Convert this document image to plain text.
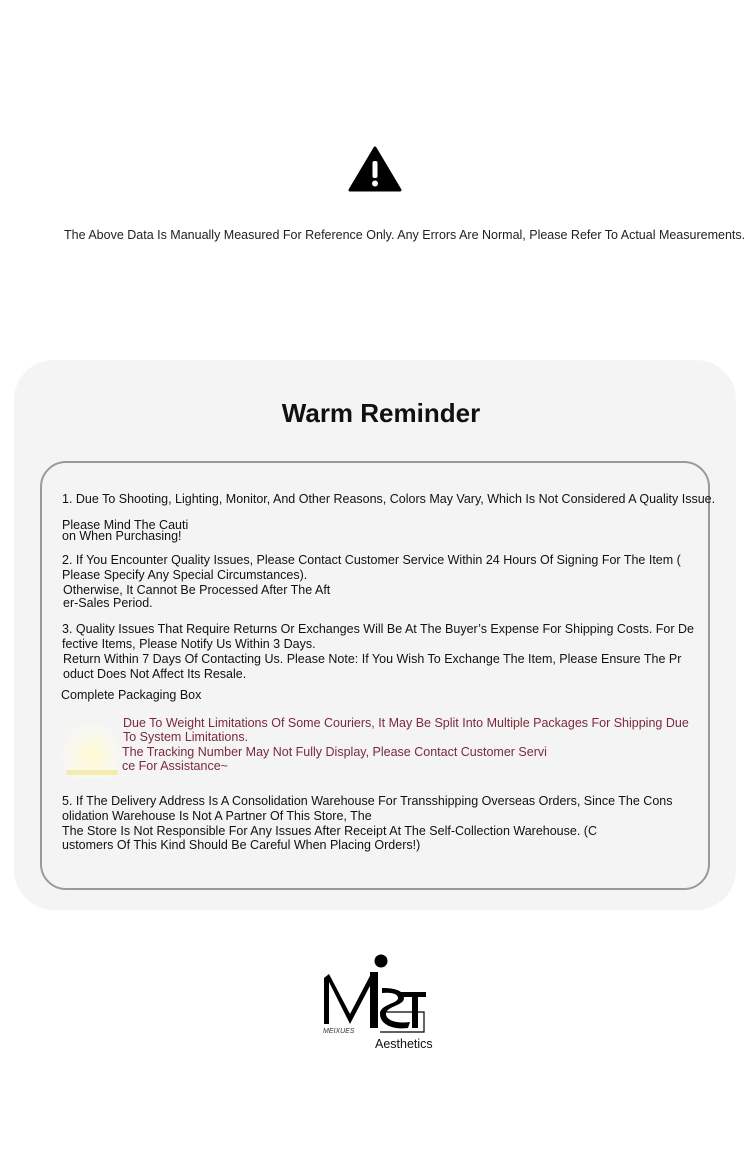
The Above Data Is Manually Measured For Reference Only. Any Errors Are Normal, Please Refer To Actual Measurements.
Warm Reminder
1. Due To Shooting, Lighting, Monitor, And Other Reasons, Colors May Vary, Which Is Not Considered A Quality Issue.
Please Mind The Cauti
on When Purchasing!
2. If You Encounter Quality Issues, Please Contact Customer Service Within 24 Hours Of Signing For The Item (
Please Specify Any Special Circumstances).
Otherwise, It Cannot Be Processed After The Aft
er-Sales Period.
3. Quality Issues That Require Returns Or Exchanges Will Be At The Buyer’s Expense For Shipping Costs. For De
fective Items, Please Notify Us Within 3 Days.
Return Within 7 Days Of Contacting Us. Please Note: If You Wish To Exchange The Item, Please Ensure The Pr
oduct Does Not Affect Its Resale.
Complete Packaging Box
Due To Weight Limitations Of Some Couriers, It May Be Split Into Multiple Packages For Shipping Due
To System Limitations.
The Tracking Number May Not Fully Display, Please Contact Customer Servi
ce For Assistance~
5. If The Delivery Address Is A Consolidation Warehouse For Transshipping Overseas Orders, Since The Cons
olidation Warehouse Is Not A Partner Of This Store, The
The Store Is Not Responsible For Any Issues After Receipt At The Self-Collection Warehouse. (C
ustomers Of This Kind Should Be Careful When Placing Orders!)
MEIXUES
Aesthetics
